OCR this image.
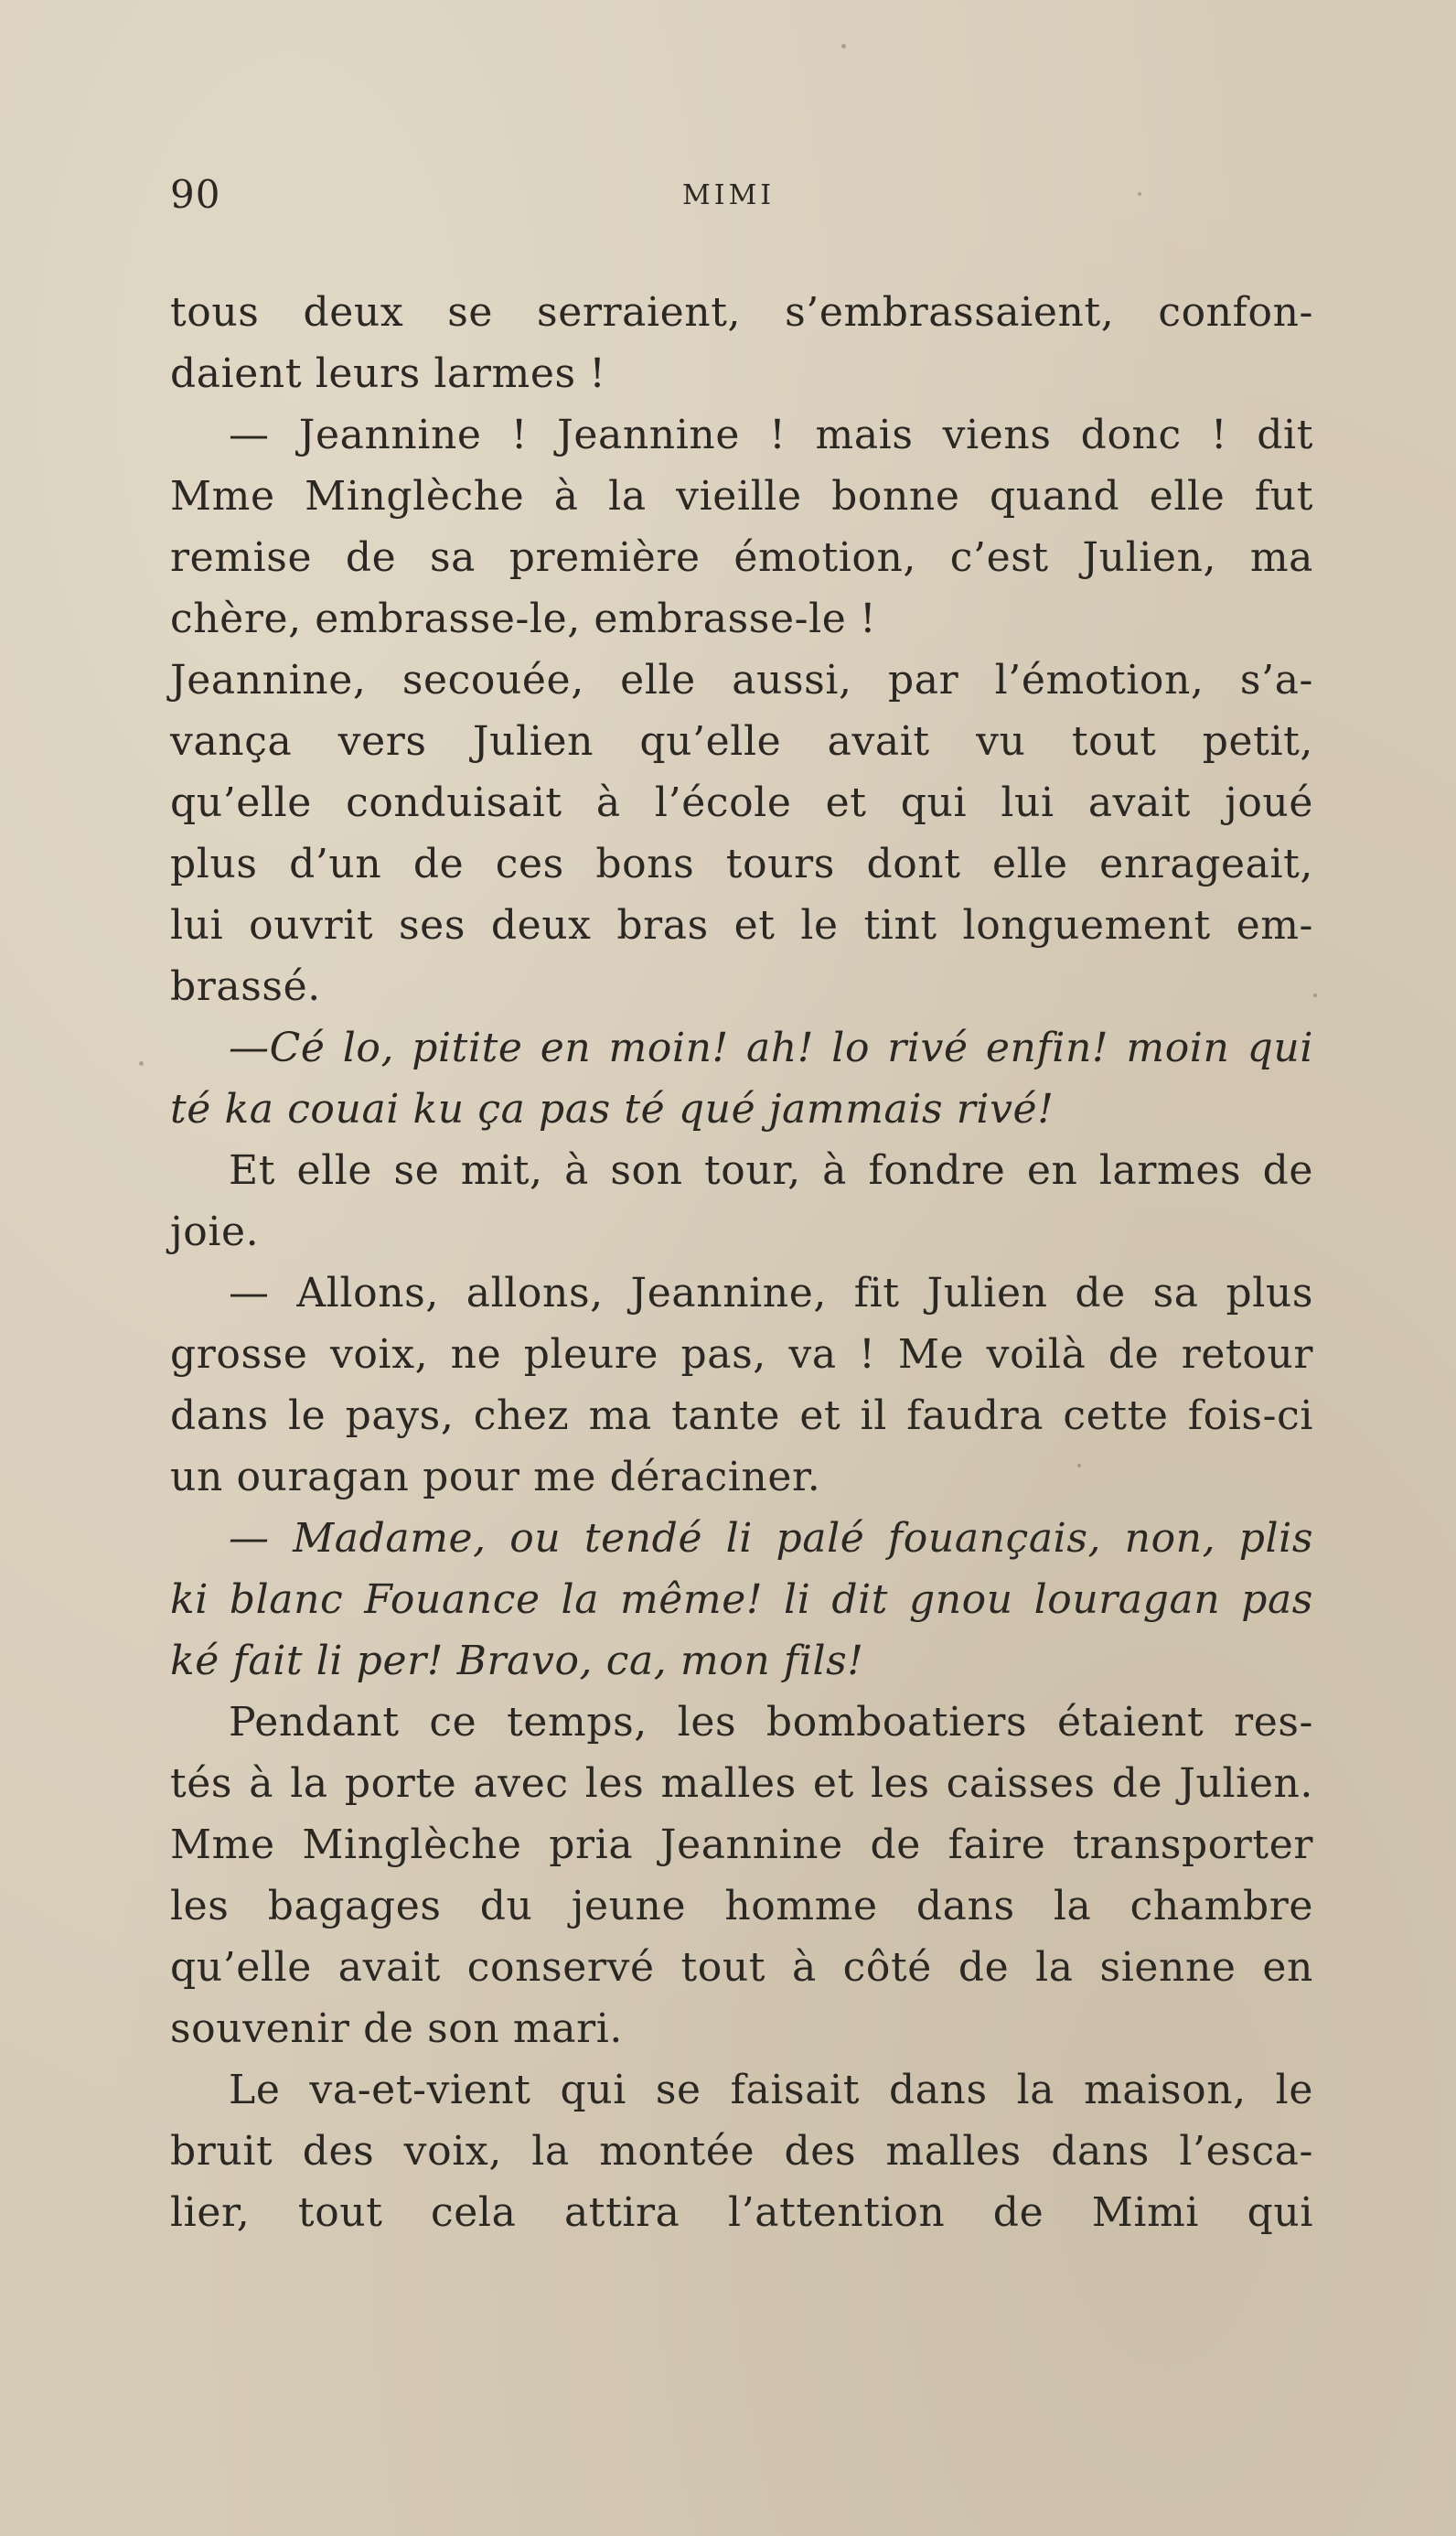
90	MIMI
tous deux se serraient, s’embrassaient, confon-
daient leurs larmes !
— Jeannine ! Jeannine ! mais viens donc ! dit
Mme Minglèche à la vieille bonne quand elle fut
remise de sa première émotion, c’est Julien, ma
chère, embrasse-le, embrasse-le !
Jeannine, secouée, elle aussi, par l’émotion, s’a-
vança vers Julien qu’elle avait vu tout petit,
qu’elle conduisait à l’école et qui lui avait joué
plus d’un de ces bons tours dont elle enrageait,
lui ouvrit ses deux bras et le tint longuement em-
brassé.
—Cé lo, pitite en moin! ah! lo rivé enfin! moin qui
té ka couai ku ça pas té qué jammais rivé!
Et elle se mit, à son tour, à fondre en larmes de
joie.
— Allons, allons, Jeannine, fit Julien de sa plus
grosse voix, ne pleure pas, va ! Me voilà de retour
dans le pays, chez ma tante et il faudra cette fois-ci
un ouragan pour me déraciner.
— Madame, ou tendé li palé fouançais, non, plis
ki blanc Fouance la même! li dit gnou louragan pas
ké fait li per! Bravo, ca, mon fils!
Pendant ce temps, les bomboatiers étaient res-
tés à la porte avec les malles et les caisses de Julien.
Mme Minglèche pria Jeannine de faire transporter
les bagages du jeune homme dans la chambre
qu’elle avait conservé tout à côté de la sienne en
souvenir de son mari.
Le va-et-vient qui se faisait dans la maison, le
bruit des voix, la montée des malles dans l’esca-
lier, tout cela attira l’attention de Mimi qui
